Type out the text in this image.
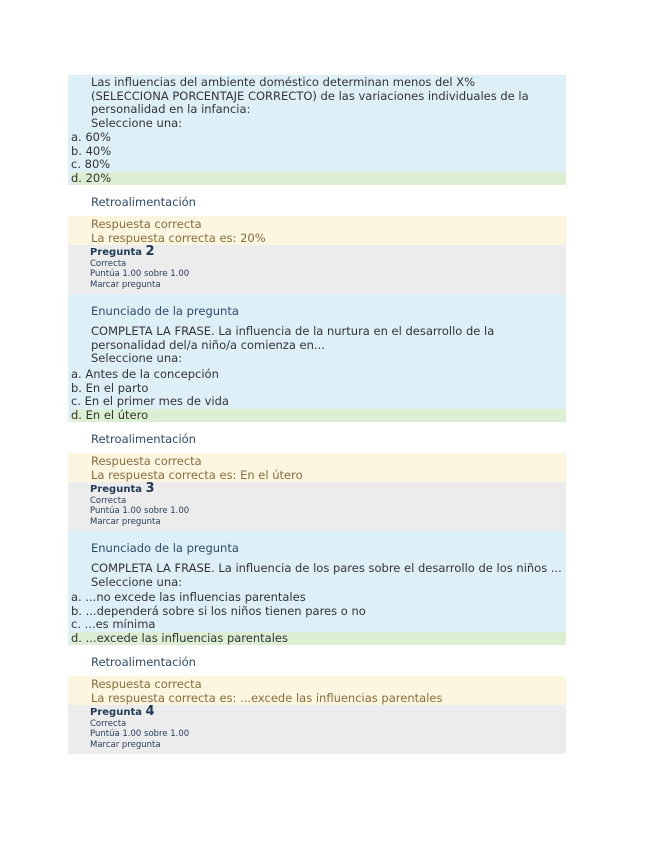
Las influencias del ambiente doméstico determinan menos del X% (SELECCIONA PORCENTAJE CORRECTO) de las variaciones individuales de la personalidad en la infancia:
Seleccione una:
a. 60%
b. 40%
c. 80%
d. 20%
Retroalimentación
Respuesta correcta
La respuesta correcta es: 20%
Pregunta 2
Correcta
Puntúa 1.00 sobre 1.00
Marcar pregunta
Enunciado de la pregunta
COMPLETA LA FRASE. La influencia de la nurtura en el desarrollo de la personalidad del/a niño/a comienza en...
Seleccione una:
a. Antes de la concepción
b. En el parto
c. En el primer mes de vida
d. En el útero
Retroalimentación
Respuesta correcta
La respuesta correcta es: En el útero
Pregunta 3
Correcta
Puntúa 1.00 sobre 1.00
Marcar pregunta
Enunciado de la pregunta
COMPLETA LA FRASE. La influencia de los pares sobre el desarrollo de los niños ...
Seleccione una:
a. ...no excede las influencias parentales
b. ...dependerá sobre si los niños tienen pares o no
c. ...es mínima
d. ...excede las influencias parentales
Retroalimentación
Respuesta correcta
La respuesta correcta es: ...excede las influencias parentales
Pregunta 4
Correcta
Puntúa 1.00 sobre 1.00
Marcar pregunta
